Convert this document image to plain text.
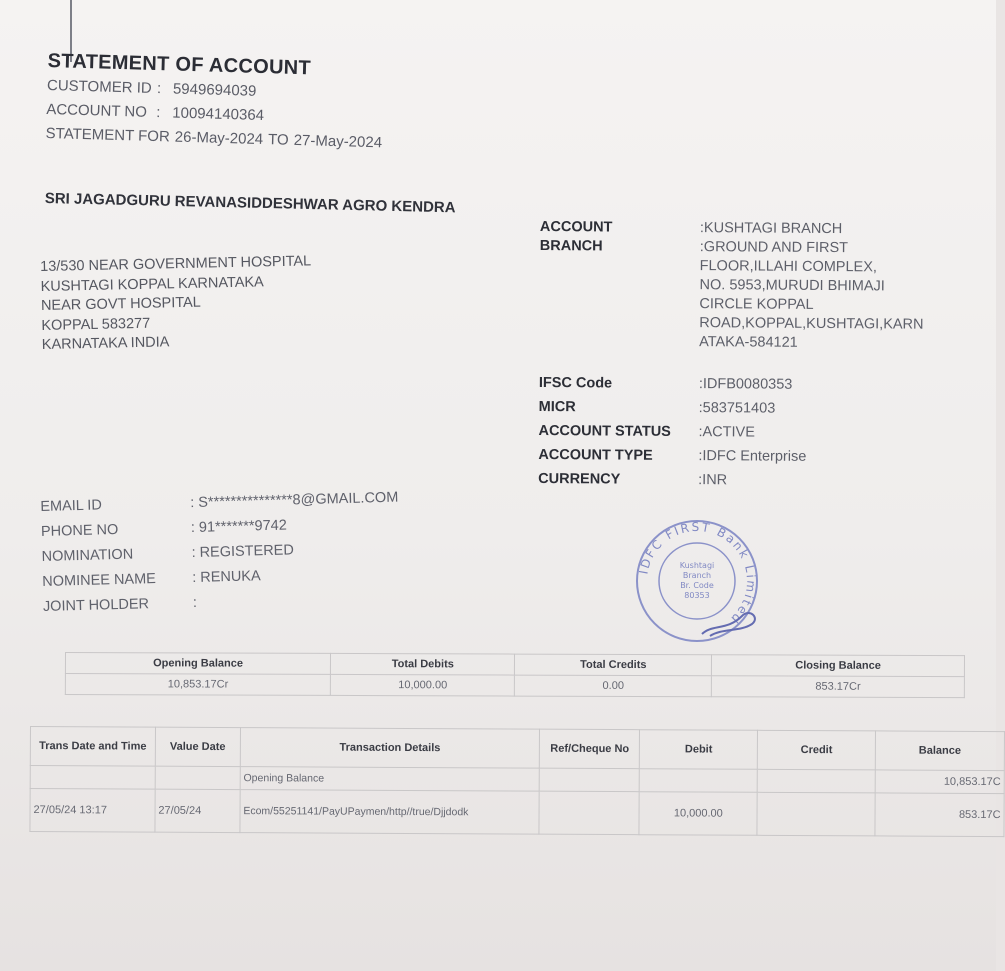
STATEMENT OF ACCOUNT
CUSTOMER ID : 5949694039
ACCOUNT NO : 10094140364
STATEMENT FOR 26-May-2024 TO 27-May-2024
SRI JAGADGURU REVANASIDDESHWAR AGRO KENDRA
13/530 NEAR GOVERNMENT HOSPITAL
KUSHTAGI KOPPAL KARNATAKA
NEAR GOVT HOSPITAL
KOPPAL 583277
KARNATAKA INDIA
ACCOUNT	:KUSHTAGI BRANCH
BRANCH	:GROUND AND FIRST
FLOOR,ILLAHI COMPLEX,
NO. 5953,MURUDI BHIMAJI
CIRCLE KOPPAL
ROAD,KOPPAL,KUSHTAGI,KARN
ATAKA-584121
IFSC Code	:IDFB0080353
MICR	:583751403
ACCOUNT STATUS	:ACTIVE
ACCOUNT TYPE	:IDFC Enterprise
CURRENCY	:INR
EMAIL ID	: S***************8@GMAIL.COM
PHONE NO	: 91*******9742
NOMINATION	: REGISTERED
NOMINEE NAME	: RENUKA
JOINT HOLDER	:
IDFC FIRST Bank Limited
Kushtagi
Branch
Br. Code
80353
Opening Balance	Total Debits	Total Credits	Closing Balance
10,853.17Cr	10,000.00	0.00	853.17Cr
Trans Date and Time	Value Date	Transaction Details	Ref/Cheque No	Debit	Credit	Balance
		Opening Balance				10,853.17C
27/05/24 13:17	27/05/24	Ecom/55251141/PayUPaymen/http//true/Djjdodk		10,000.00		853.17C
